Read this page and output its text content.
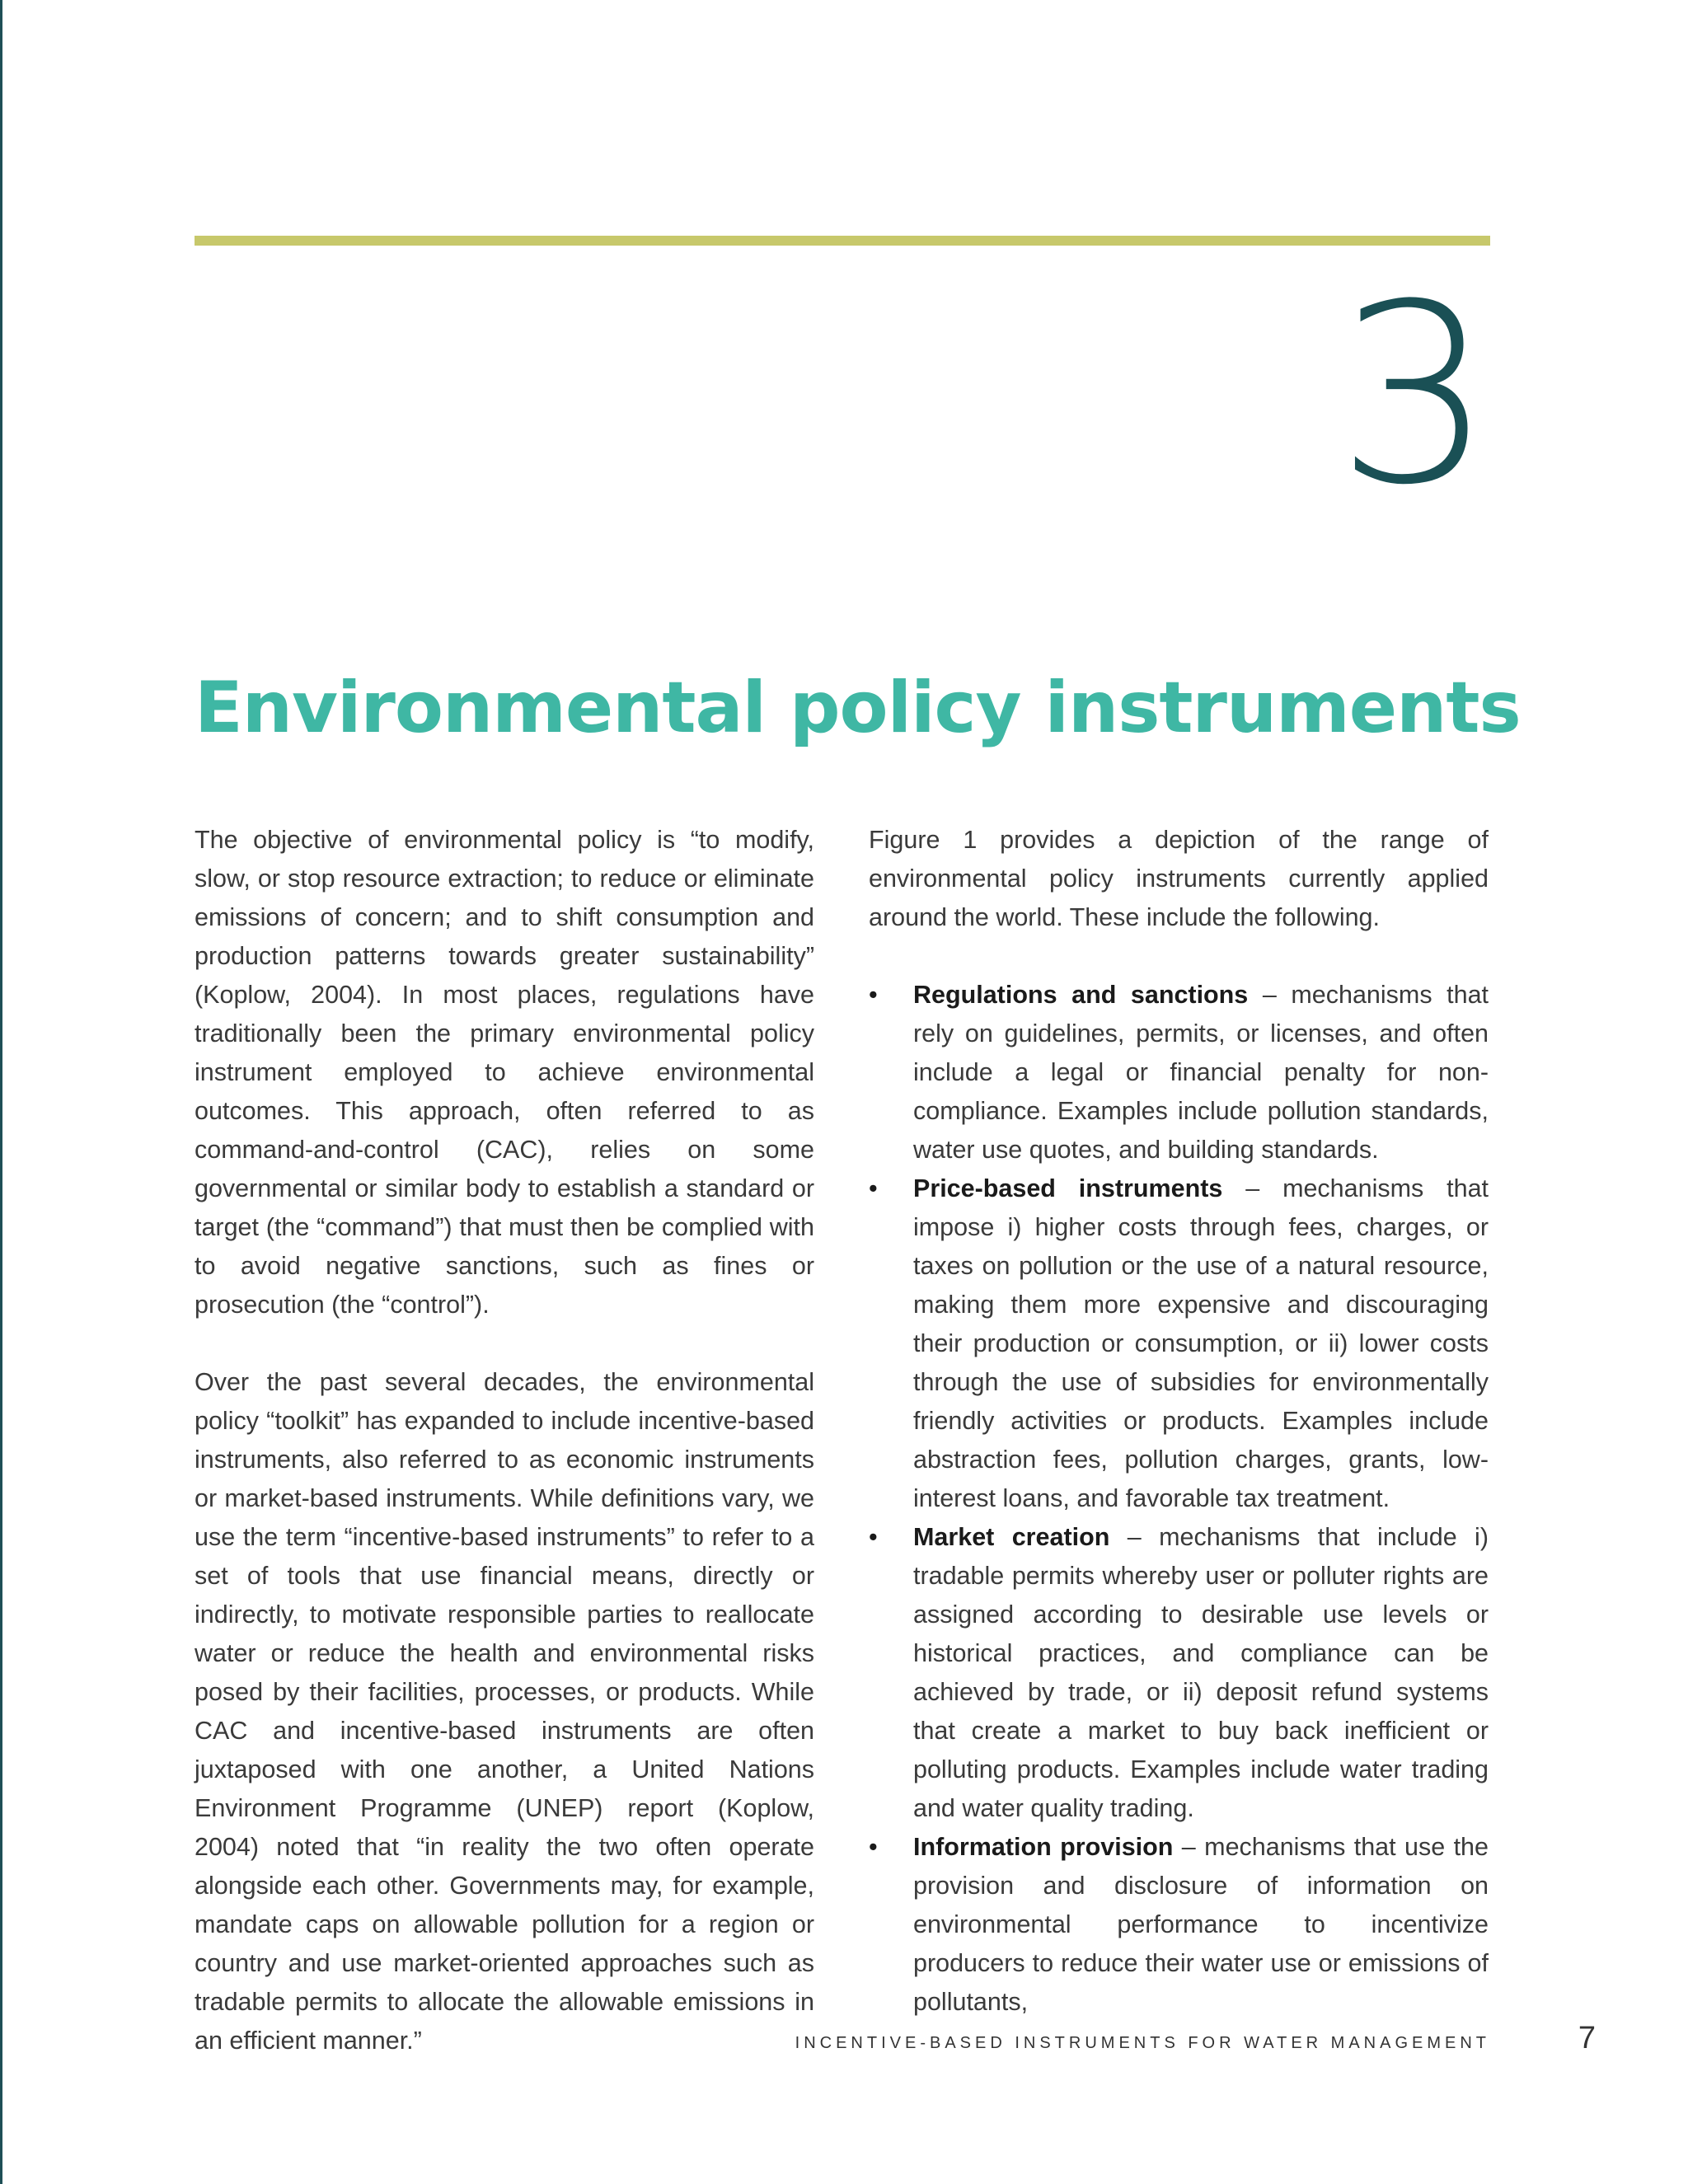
3
Environmental policy instruments

The objective of environmental policy is “to modify, slow, or stop resource extraction; to reduce or eliminate emissions of concern; and to shift consumption and production patterns towards greater sustainability” (Koplow, 2004). In most places, regulations have traditionally been the primary environmental policy instrument employed to achieve environmental outcomes. This approach, often referred to as command-and-control (CAC), relies on some governmental or similar body to establish a standard or target (the “command”) that must then be complied with to avoid negative sanctions, such as fines or prosecution (the “control”).

Over the past several decades, the environmental policy “toolkit” has expanded to include incentive-based instruments, also referred to as economic instruments or market-based instruments. While definitions vary, we use the term “incentive-based instruments” to refer to a set of tools that use financial means, directly or indirectly, to motivate responsible parties to reallocate water or reduce the health and environmental risks posed by their facilities, processes, or products. While CAC and incentive-based instruments are often juxtaposed with one another, a United Nations Environment Programme (UNEP) report (Koplow, 2004) noted that “in reality the two often operate alongside each other. Governments may, for example, mandate caps on allowable pollution for a region or country and use market-oriented approaches such as tradable permits to allocate the allowable emissions in an efficient manner.”

Figure 1 provides a depiction of the range of environmental policy instruments currently applied around the world. These include the following.

•	Regulations and sanctions – mechanisms that rely on guidelines, permits, or licenses, and often include a legal or financial penalty for non-compliance. Examples include pollution standards, water use quotes, and building standards.
•	Price-based instruments – mechanisms that impose i) higher costs through fees, charges, or taxes on pollution or the use of a natural resource, making them more expensive and discouraging their production or consumption, or ii) lower costs through the use of subsidies for environmentally friendly activities or products. Examples include abstraction fees, pollution charges, grants, low-interest loans, and favorable tax treatment.
•	Market creation – mechanisms that include i) tradable permits whereby user or polluter rights are assigned according to desirable use levels or historical practices, and compliance can be achieved by trade, or ii) deposit refund systems that create a market to buy back inefficient or polluting products. Examples include water trading and water quality trading.
•	Information provision – mechanisms that use the provision and disclosure of information on environmental performance to incentivize producers to reduce their water use or emissions of pollutants,
INCENTIVE-BASED INSTRUMENTS FOR WATER MANAGEMENT	7
